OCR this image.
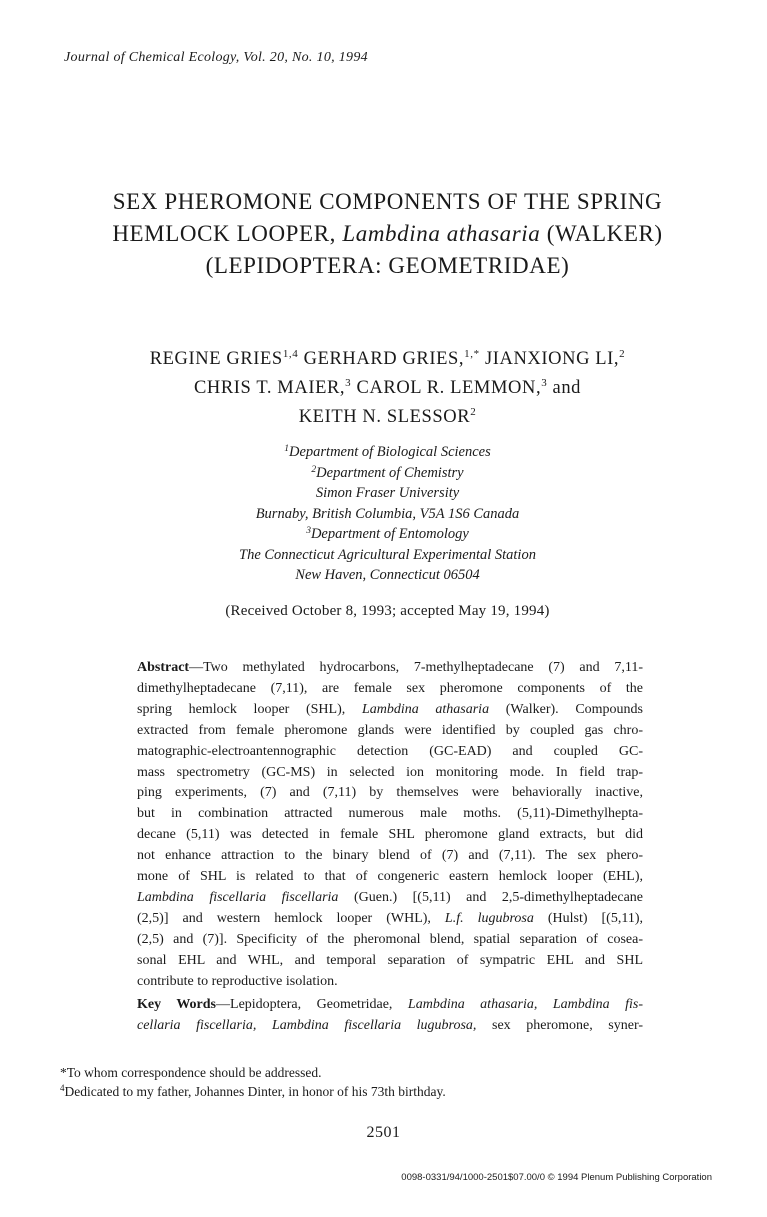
Journal of Chemical Ecology, Vol. 20, No. 10, 1994
SEX PHEROMONE COMPONENTS OF THE SPRING
HEMLOCK LOOPER, Lambdina athasaria (WALKER)
(LEPIDOPTERA: GEOMETRIDAE)
REGINE GRIES$^{1,4}$ GERHARD GRIES,$^{1,*}$ JIANXIONG LI,$^2$
CHRIS T. MAIER,$^3$ CAROL R. LEMMON,$^3$ and
KEITH N. SLESSOR$^2$
$^1$Department of Biological Sciences
$^2$Department of Chemistry
Simon Fraser University
Burnaby, British Columbia, V5A 1S6 Canada
$^3$Department of Entomology
The Connecticut Agricultural Experimental Station
New Haven, Connecticut 06504
(Received October 8, 1993; accepted May 19, 1994)
Abstract—Two methylated hydrocarbons, 7-methylheptadecane (7) and 7,11-
dimethylheptadecane (7,11), are female sex pheromone components of the
spring hemlock looper (SHL), Lambdina athasaria (Walker). Compounds
extracted from female pheromone glands were identified by coupled gas chro-
matographic-electroantennographic detection (GC-EAD) and coupled GC-
mass spectrometry (GC-MS) in selected ion monitoring mode. In field trap-
ping experiments, (7) and (7,11) by themselves were behaviorally inactive,
but in combination attracted numerous male moths. (5,11)-Dimethylhepta-
decane (5,11) was detected in female SHL pheromone gland extracts, but did
not enhance attraction to the binary blend of (7) and (7,11). The sex phero-
mone of SHL is related to that of congeneric eastern hemlock looper (EHL),
Lambdina fiscellaria fiscellaria (Guen.) [(5,11) and 2,5-dimethylheptadecane
(2,5)] and western hemlock looper (WHL), L.f. lugubrosa (Hulst) [(5,11),
(2,5) and (7)]. Specificity of the pheromonal blend, spatial separation of cosea-
sonal EHL and WHL, and temporal separation of sympatric EHL and SHL
contribute to reproductive isolation.
Key Words—Lepidoptera, Geometridae, Lambdina athasaria, Lambdina fis-
cellaria fiscellaria, Lambdina fiscellaria lugubrosa, sex pheromone, syner-
*To whom correspondence should be addressed.
$^4$Dedicated to my father, Johannes Dinter, in honor of his 73th birthday.
2501
0098-0331/94/1000-2501$07.00/0 © 1994 Plenum Publishing Corporation
